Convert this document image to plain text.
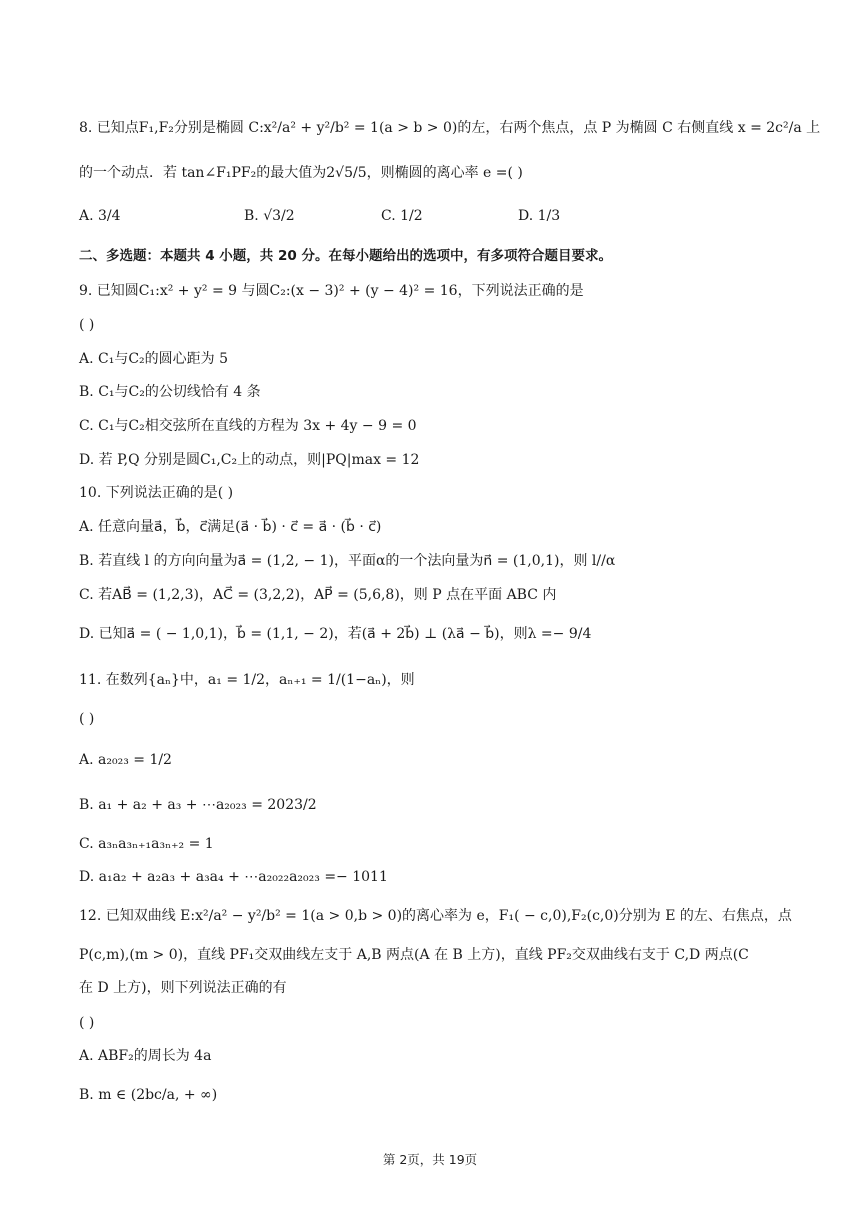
8. 已知点F₁,F₂分别是椭圆 C:x²/a² + y²/b² = 1(a > b > 0)的左，右两个焦点，点 P 为椭圆 C 右侧直线 x = 2c²/a 上
的一个动点．若 tan∠F₁PF₂的最大值为2√5/5，则椭圆的离心率 e =( )
A. 3/4	B. √3/2	C. 1/2	D. 1/3
二、多选题：本题共 4 小题，共 20 分。在每小题给出的选项中，有多项符合题目要求。
9. 已知圆C₁:x² + y² = 9 与圆C₂:(x − 3)² + (y − 4)² = 16，下列说法正确的是
( )
A. C₁与C₂的圆心距为 5
B. C₁与C₂的公切线恰有 4 条
C. C₁与C₂相交弦所在直线的方程为 3x + 4y − 9 = 0
D. 若 P,Q 分别是圆C₁,C₂上的动点，则|PQ|max = 12
10. 下列说法正确的是( )
A. 任意向量a⃗，b⃗，c⃗满足(a⃗ · b⃗) · c⃗ = a⃗ · (b⃗ · c⃗)
B. 若直线 l 的方向向量为a⃗ = (1,2, − 1)，平面α的一个法向量为n⃗ = (1,0,1)，则 l//α
C. 若AB⃗ = (1,2,3)，AC⃗ = (3,2,2)，AP⃗ = (5,6,8)，则 P 点在平面 ABC 内
D. 已知a⃗ = ( − 1,0,1)，b⃗ = (1,1, − 2)，若(a⃗ + 2b⃗) ⊥ (λa⃗ − b⃗)，则λ =− 9/4
11. 在数列{aₙ}中，a₁ = 1/2，aₙ₊₁ = 1/(1−aₙ)，则
( )
A. a₂₀₂₃ = 1/2
B. a₁ + a₂ + a₃ + ⋯a₂₀₂₃ = 2023/2
C. a₃ₙa₃ₙ₊₁a₃ₙ₊₂ = 1
D. a₁a₂ + a₂a₃ + a₃a₄ + ⋯a₂₀₂₂a₂₀₂₃ =− 1011
12. 已知双曲线 E:x²/a² − y²/b² = 1(a > 0,b > 0)的离心率为 e，F₁( − c,0),F₂(c,0)分别为 E 的左、右焦点，点
P(c,m),(m > 0)，直线 PF₁交双曲线左支于 A,B 两点(A 在 B 上方)，直线 PF₂交双曲线右支于 C,D 两点(C
在 D 上方)，则下列说法正确的有
( )
A. ABF₂的周长为 4a
B. m ∈ (2bc/a, + ∞)
第 2页，共 19页
